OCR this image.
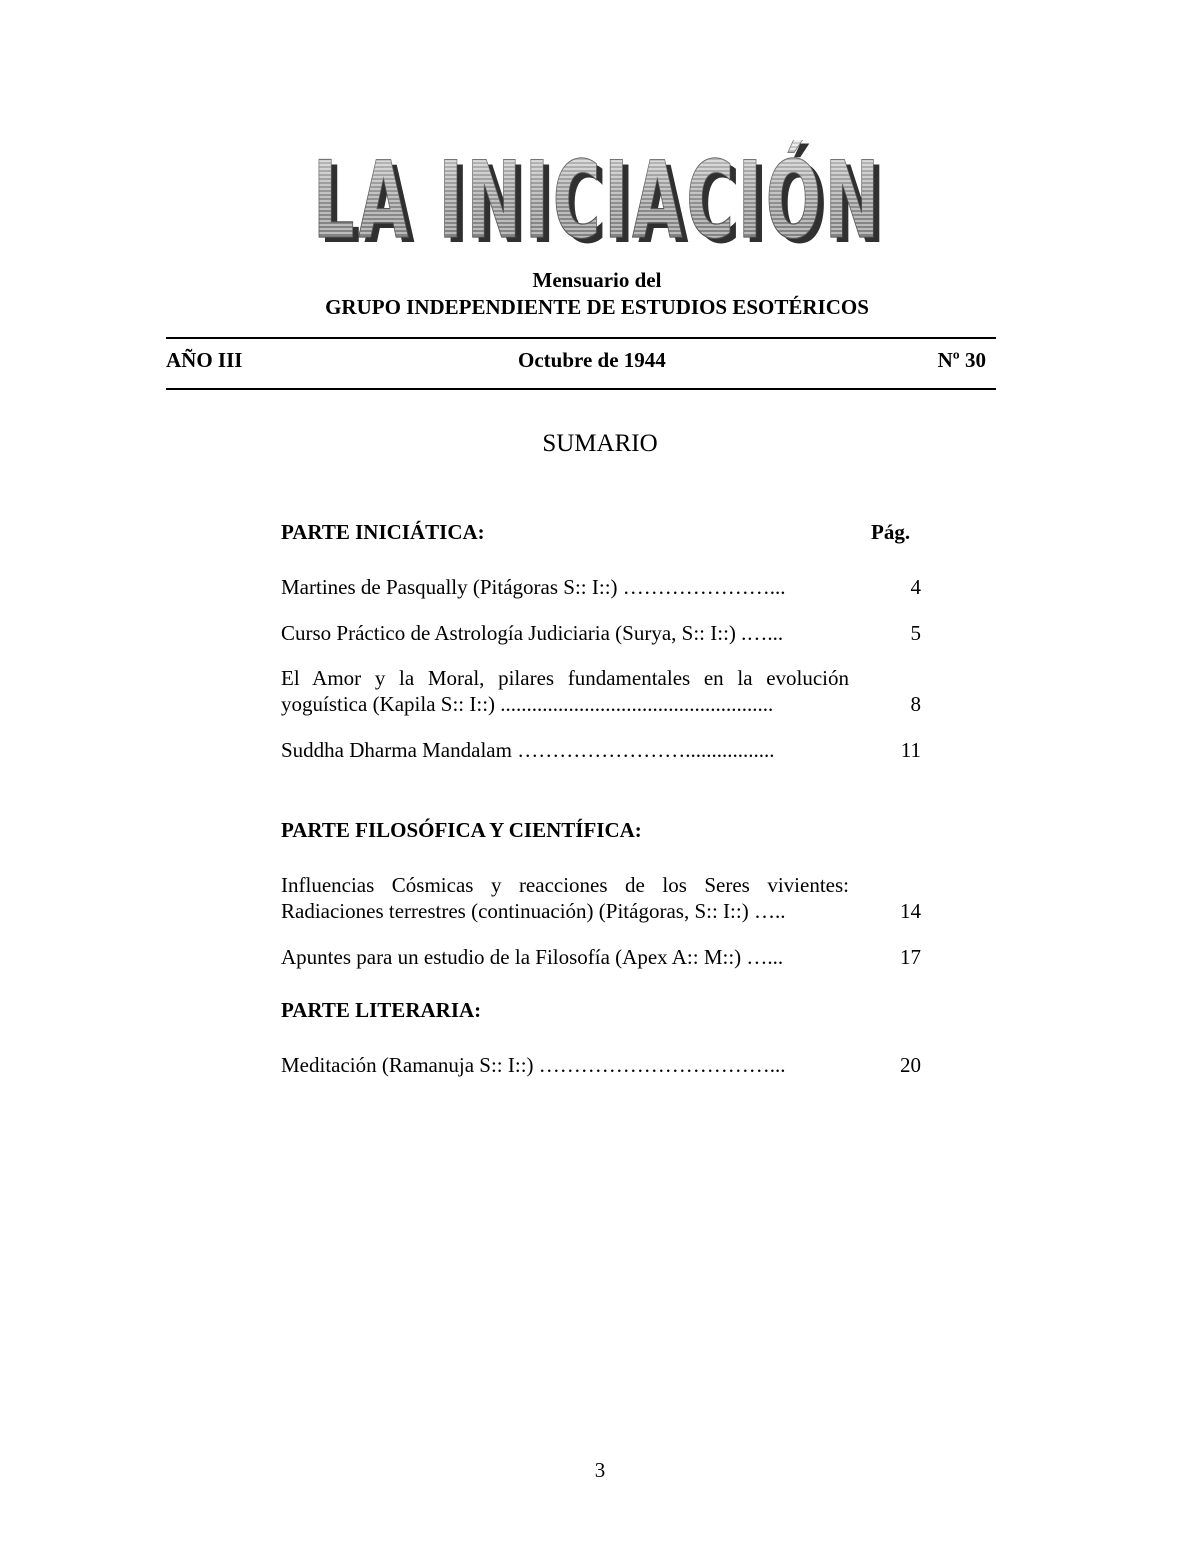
LA INICIACIÓN
LA INICIACIÓN
LA INICIACIÓN
Mensuario del
GRUPO INDEPENDIENTE DE ESTUDIOS ESOTÉRICOS
AÑO III	Octubre de 1944	Nº 30
SUMARIO
PARTE INICIÁTICA:	Pág.
Martines de Pasqually (Pitágoras S:: I::) …………………...	4
Curso Práctico de Astrología Judiciaria (Surya, S:: I::) .…...	5
El Amor y la Moral, pilares fundamentales en la evolución yoguística (Kapila S:: I::) ....................................................	8
Suddha Dharma Mandalam …………………….................	11
PARTE FILOSÓFICA Y CIENTÍFICA:
Influencias Cósmicas y reacciones de los Seres vivientes: Radiaciones terrestres (continuación) (Pitágoras, S:: I::) …..	14
Apuntes para un estudio de la Filosofía (Apex A:: M::) …...	17
PARTE LITERARIA:
Meditación (Ramanuja S:: I::) ……………………………...	20
3
